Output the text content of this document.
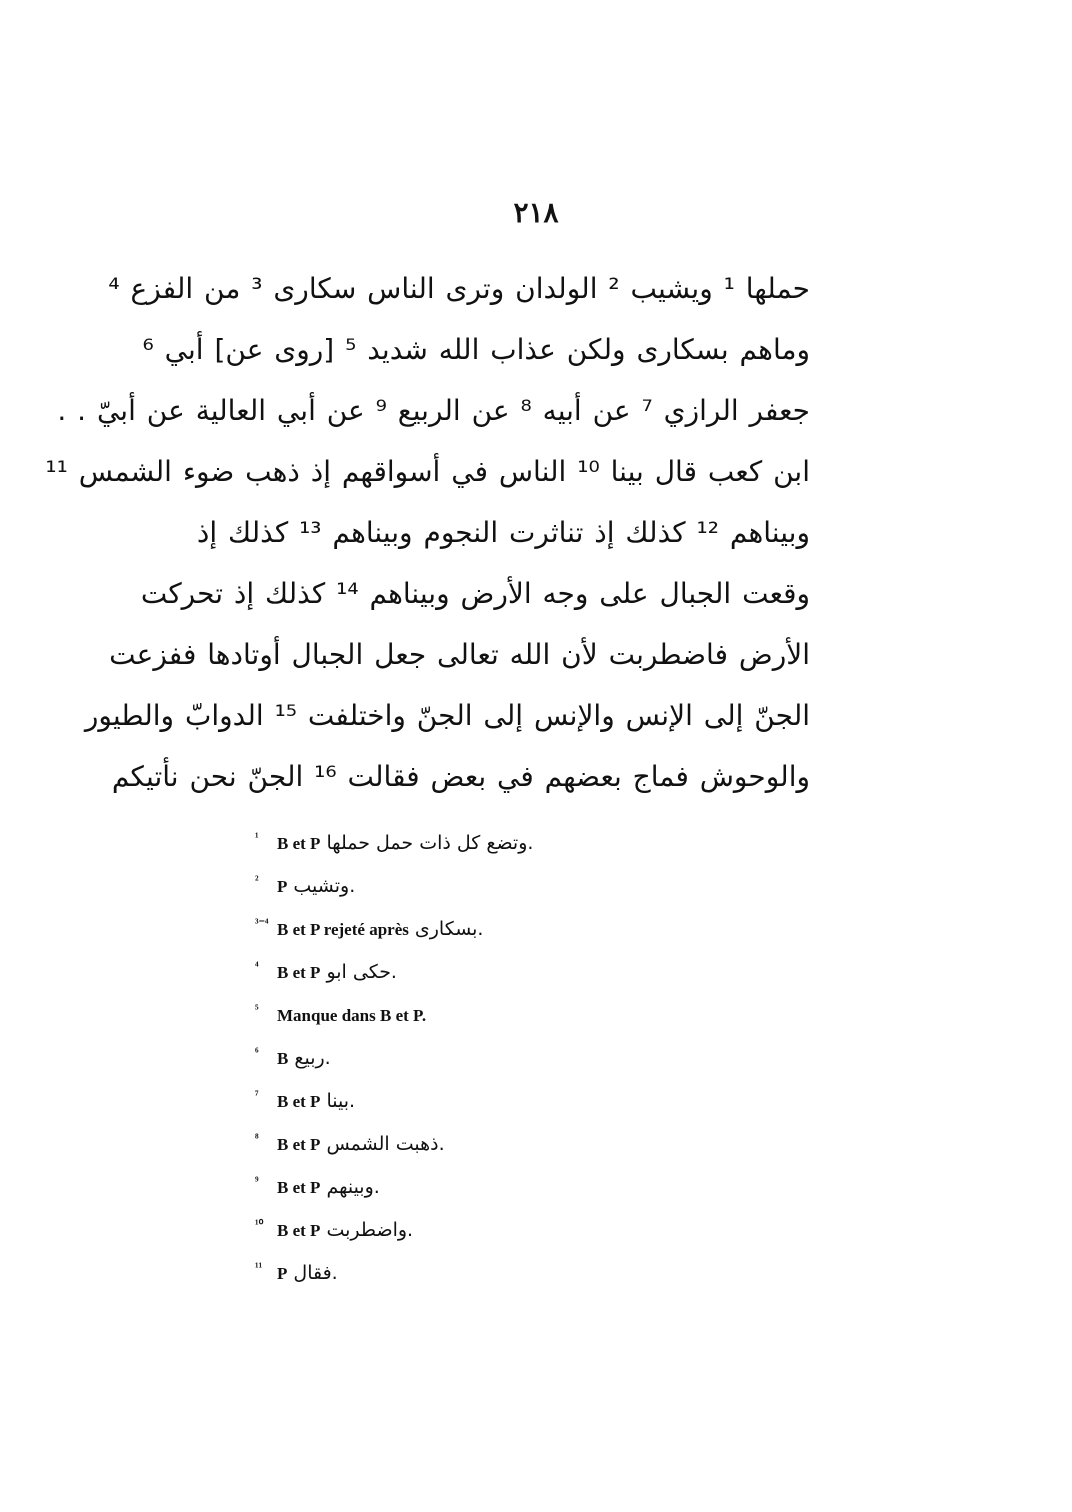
٢١٨
حملها ¹ ويشيب ² الولدان وترى الناس سكارى ³ من الفزع ⁴
وماهم بسكارى ولكن عذاب الله شديد ⁵ [روى عن] أبي ⁶
جعفر الرازي ⁷ عن أبيه ⁸ عن الربيع ⁹ عن أبي العالية عن أبيّ . .
ابن كعب قال بينا ¹⁰ الناس في أسواقهم إذ ذهب ضوء الشمس ¹¹
وبيناهم ¹² كذلك إذ تناثرت النجوم وبيناهم ¹³ كذلك إذ
وقعت الجبال على وجه الأرض وبيناهم ¹⁴ كذلك إذ تحركت
الأرض فاضطربت لأن الله تعالى جعل الجبال أوتادها ففزعت
الجنّ إلى الإنس والإنس إلى الجنّ واختلفت ¹⁵ الدوابّ والطيور
والوحوش فماج بعضهم في بعض فقالت ¹⁶ الجنّ نحن نأتيكم
¹ B et P .وتضع كل ذات حمل حملها
² P .وتشيب
³⁻⁴ B et P rejeté après .بسكارى
⁴ B et P .حكى ابو
⁵ Manque dans B et P.
⁶ B .ربيع
⁷ B et P .بينا
⁸ B et P .ذهبت الشمس
⁹ B et P .وبينهم
¹⁰ B et P .واضطربت
¹¹ P .فقال
